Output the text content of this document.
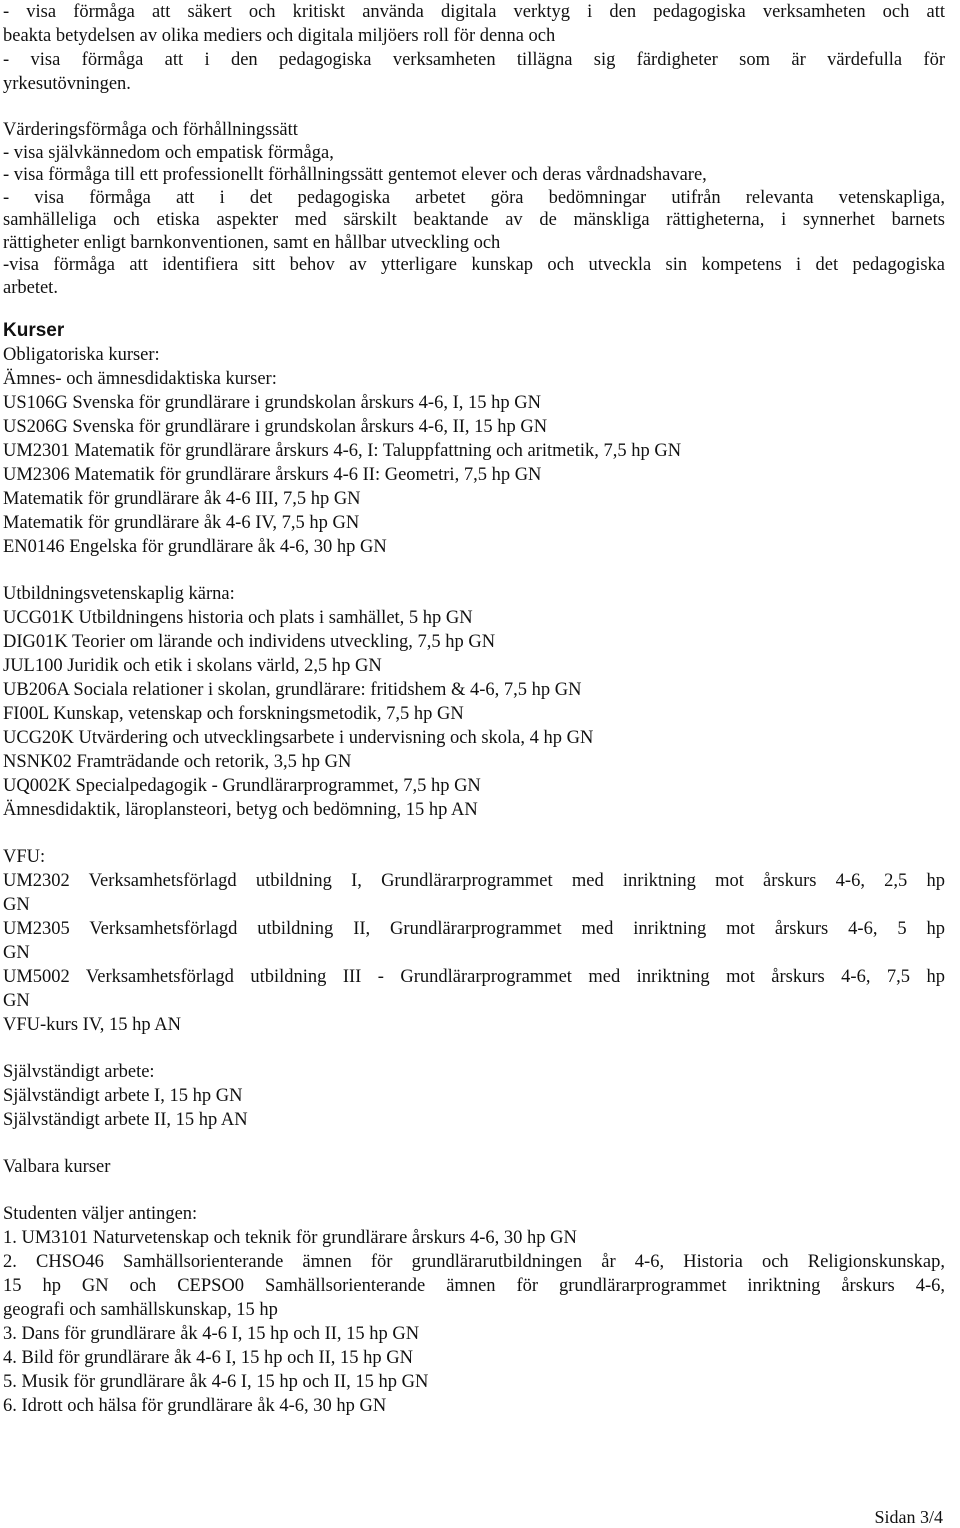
- visa förmåga att säkert och kritiskt använda digitala verktyg i den pedagogiska verksamheten och att
beakta betydelsen av olika mediers och digitala miljöers roll för denna och
- visa förmåga att i den pedagogiska verksamheten tillägna sig färdigheter som är värdefulla för
yrkesutövningen.
Värderingsförmåga och förhållningssätt
- visa självkännedom och empatisk förmåga,
- visa förmåga till ett professionellt förhållningssätt gentemot elever och deras vårdnadshavare,
- visa förmåga att i det pedagogiska arbetet göra bedömningar utifrån relevanta vetenskapliga,
samhälleliga och etiska aspekter med särskilt beaktande av de mänskliga rättigheterna, i synnerhet barnets
rättigheter enligt barnkonventionen, samt en hållbar utveckling och
-visa förmåga att identifiera sitt behov av ytterligare kunskap och utveckla sin kompetens i det pedagogiska
arbetet.
Kurser
Obligatoriska kurser:
Ämnes- och ämnesdidaktiska kurser:
US106G Svenska för grundlärare i grundskolan årskurs 4-6, I, 15 hp GN
US206G Svenska för grundlärare i grundskolan årskurs 4-6, II, 15 hp GN
UM2301 Matematik för grundlärare årskurs 4-6, I: Taluppfattning och aritmetik, 7,5 hp GN
UM2306 Matematik för grundlärare årskurs 4-6 II: Geometri, 7,5 hp GN
Matematik för grundlärare åk 4-6 III, 7,5 hp GN
Matematik för grundlärare åk 4-6 IV, 7,5 hp GN
EN0146 Engelska för grundlärare åk 4-6, 30 hp GN
Utbildningsvetenskaplig kärna:
UCG01K Utbildningens historia och plats i samhället, 5 hp GN
DIG01K Teorier om lärande och individens utveckling, 7,5 hp GN
JUL100 Juridik och etik i skolans värld, 2,5 hp GN
UB206A Sociala relationer i skolan, grundlärare: fritidshem & 4-6, 7,5 hp GN
FI00L Kunskap, vetenskap och forskningsmetodik, 7,5 hp GN
UCG20K Utvärdering och utvecklingsarbete i undervisning och skola, 4 hp GN
NSNK02 Framträdande och retorik, 3,5 hp GN
UQ002K Specialpedagogik - Grundlärarprogrammet, 7,5 hp GN
Ämnesdidaktik, läroplansteori, betyg och bedömning, 15 hp AN
VFU:
UM2302 Verksamhetsförlagd utbildning I, Grundlärarprogrammet med inriktning mot årskurs 4-6, 2,5 hp
GN
UM2305 Verksamhetsförlagd utbildning II, Grundlärarprogrammet med inriktning mot årskurs 4-6, 5 hp
GN
UM5002 Verksamhetsförlagd utbildning III - Grundlärarprogrammet med inriktning mot årskurs 4-6, 7,5 hp
GN
VFU-kurs IV, 15 hp AN
Självständigt arbete:
Självständigt arbete I, 15 hp GN
Självständigt arbete II, 15 hp AN
Valbara kurser
Studenten väljer antingen:
1. UM3101 Naturvetenskap och teknik för grundlärare årskurs 4-6, 30 hp GN
2. CHSO46 Samhällsorienterande ämnen för grundlärarutbildningen år 4-6, Historia och Religionskunskap,
15 hp GN och CEPSO0 Samhällsorienterande ämnen för grundlärarprogrammet inriktning årskurs 4-6,
geografi och samhällskunskap, 15 hp
3. Dans för grundlärare åk 4-6 I, 15 hp och II, 15 hp GN
4. Bild för grundlärare åk 4-6 I, 15 hp och II, 15 hp GN
5. Musik för grundlärare åk 4-6 I, 15 hp och II, 15 hp GN
6. Idrott och hälsa för grundlärare åk 4-6, 30 hp GN
Sidan 3/4
